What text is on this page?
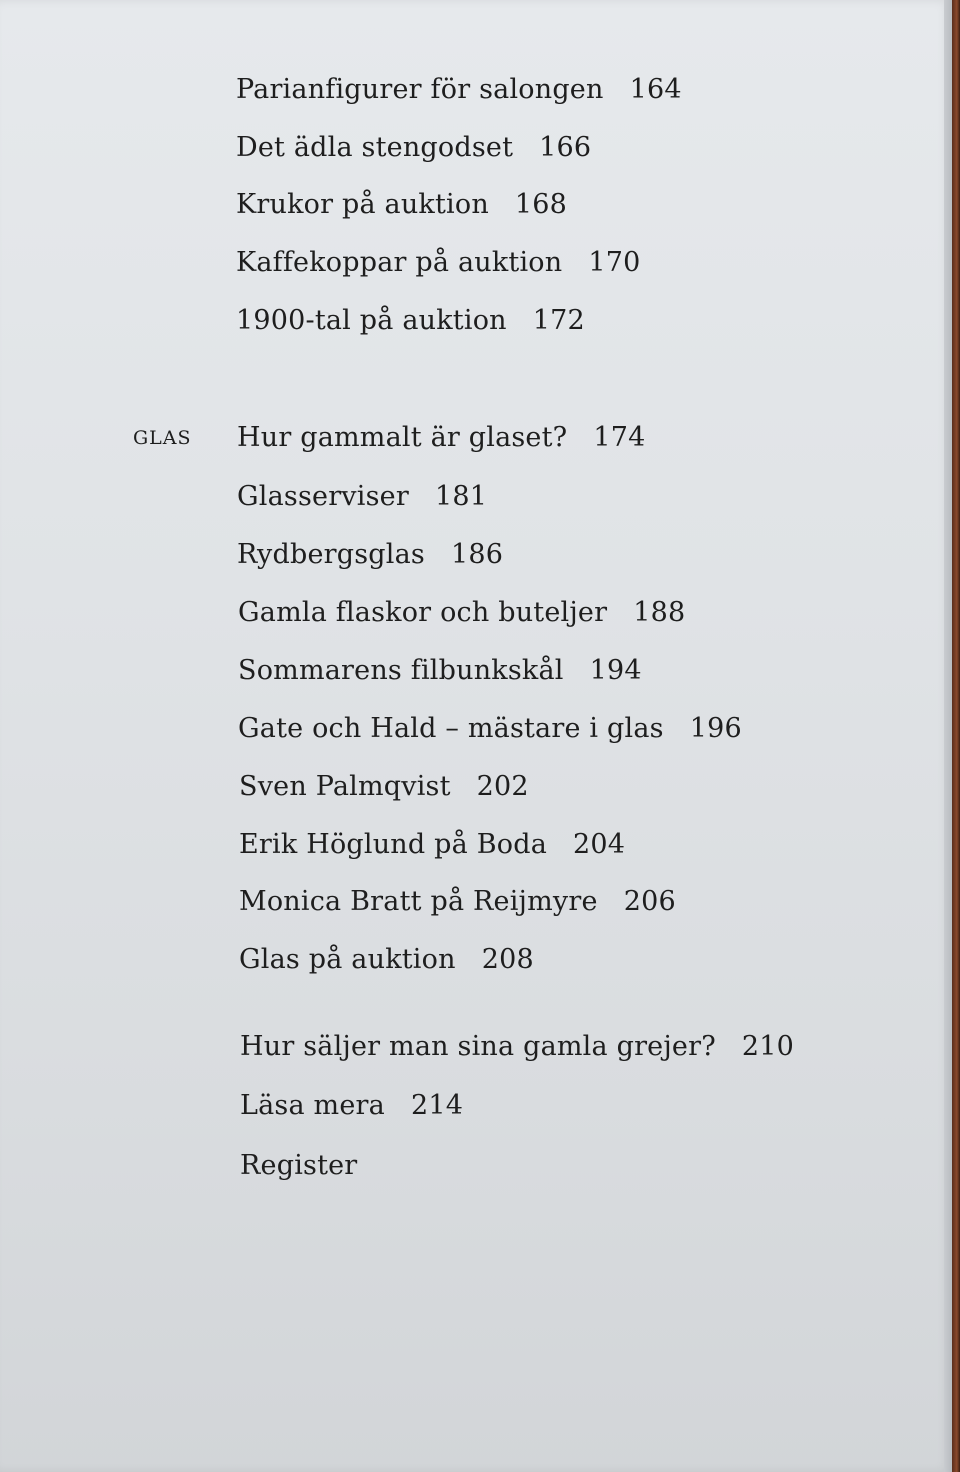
Parianfigurer för salongen 164
Det ädla stengodset 166
Krukor på auktion 168
Kaffekoppar på auktion 170
1900-tal på auktion 172
GLAS Hur gammalt är glaset? 174
Glasserviser 181
Rydbergsglas 186
Gamla flaskor och buteljer 188
Sommarens filbunkskål 194
Gate och Hald – mästare i glas 196
Sven Palmqvist 202
Erik Höglund på Boda 204
Monica Bratt på Reijmyre 206
Glas på auktion 208
Hur säljer man sina gamla grejer? 210
Läsa mera 214
Register
